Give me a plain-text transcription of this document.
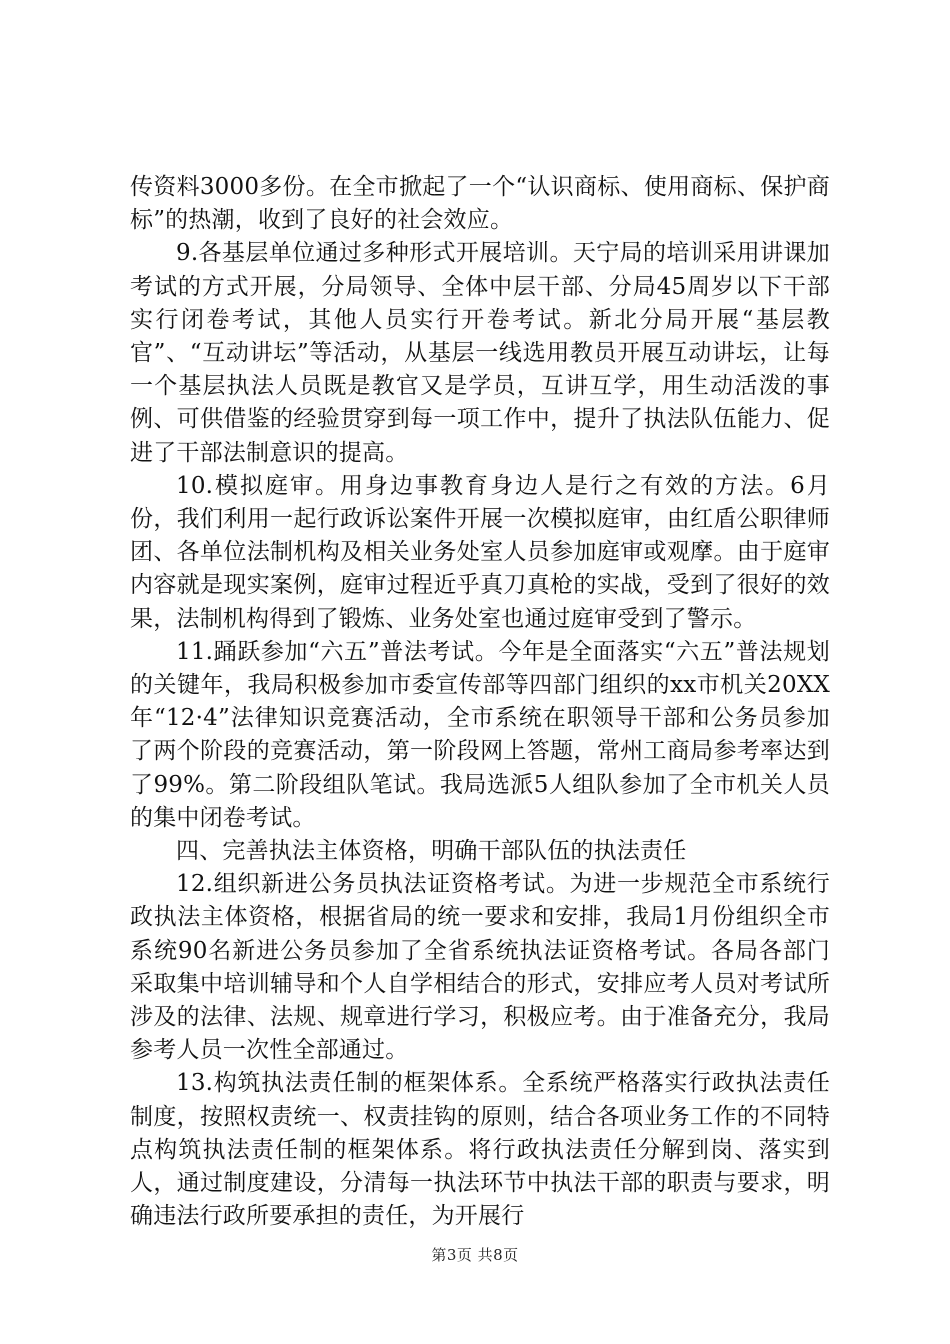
传资料3000多份。在全市掀起了一个“认识商标、使用商标、保护商标”的热潮，收到了良好的社会效应。

9.各基层单位通过多种形式开展培训。天宁局的培训采用讲课加考试的方式开展，分局领导、全体中层干部、分局45周岁以下干部实行闭卷考试，其他人员实行开卷考试。新北分局开展“基层教官”、“互动讲坛”等活动，从基层一线选用教员开展互动讲坛，让每一个基层执法人员既是教官又是学员，互讲互学，用生动活泼的事例、可供借鉴的经验贯穿到每一项工作中，提升了执法队伍能力、促进了干部法制意识的提高。

10.模拟庭审。用身边事教育身边人是行之有效的方法。6月份，我们利用一起行政诉讼案件开展一次模拟庭审，由红盾公职律师团、各单位法制机构及相关业务处室人员参加庭审或观摩。由于庭审内容就是现实案例，庭审过程近乎真刀真枪的实战，受到了很好的效果，法制机构得到了锻炼、业务处室也通过庭审受到了警示。

11.踊跃参加“六五”普法考试。今年是全面落实“六五”普法规划的关键年，我局积极参加市委宣传部等四部门组织的xx市机关20XX年“12·4”法律知识竞赛活动，全市系统在职领导干部和公务员参加了两个阶段的竞赛活动，第一阶段网上答题，常州工商局参考率达到了99%。第二阶段组队笔试。我局选派5人组队参加了全市机关人员的集中闭卷考试。

四、完善执法主体资格，明确干部队伍的执法责任

12.组织新进公务员执法证资格考试。为进一步规范全市系统行政执法主体资格，根据省局的统一要求和安排，我局1月份组织全市系统90名新进公务员参加了全省系统执法证资格考试。各局各部门采取集中培训辅导和个人自学相结合的形式，安排应考人员对考试所涉及的法律、法规、规章进行学习，积极应考。由于准备充分，我局参考人员一次性全部通过。

13.构筑执法责任制的框架体系。全系统严格落实行政执法责任制度，按照权责统一、权责挂钩的原则，结合各项业务工作的不同特点构筑执法责任制的框架体系。将行政执法责任分解到岗、落实到人，通过制度建设，分清每一执法环节中执法干部的职责与要求，明确违法行政所要承担的责任，为开展行

第3页 共8页
